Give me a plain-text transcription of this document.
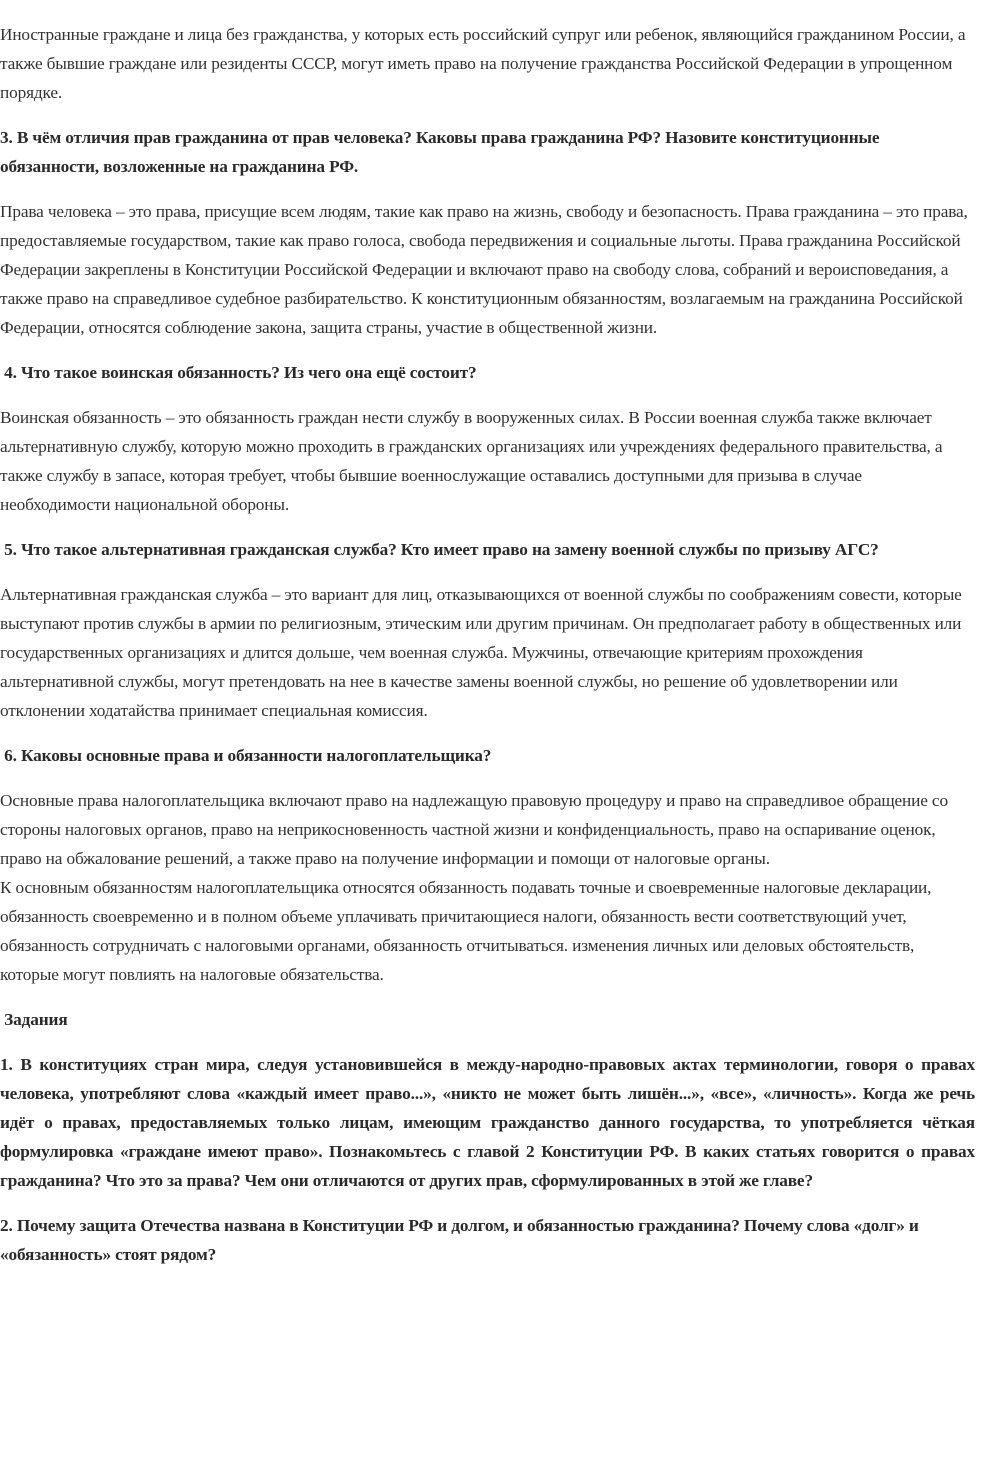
Иностранные граждане и лица без гражданства, у которых есть российский супруг или ребенок, являющийся гражданином России, а также бывшие граждане или резиденты СССР, могут иметь право на получение гражданства Российской Федерации в упрощенном порядке.

3. В чём отличия прав гражданина от прав человека? Каковы права гражданина РФ? Назовите конституционные обязанности, возложенные на гражданина РФ.

Права человека – это права, присущие всем людям, такие как право на жизнь, свободу и безопасность. Права гражданина – это права, предоставляемые государством, такие как право голоса, свобода передвижения и социальные льготы. Права гражданина Российской Федерации закреплены в Конституции Российской Федерации и включают право на свободу слова, собраний и вероисповедания, а также право на справедливое судебное разбирательство. К конституционным обязанностям, возлагаемым на гражданина Российской Федерации, относятся соблюдение закона, защита страны, участие в общественной жизни.

4. Что такое воинская обязанность? Из чего она ещё состоит?

Воинская обязанность – это обязанность граждан нести службу в вооруженных силах. В России военная служба также включает альтернативную службу, которую можно проходить в гражданских организациях или учреждениях федерального правительства, а также службу в запасе, которая требует, чтобы бывшие военнослужащие оставались доступными для призыва в случае необходимости национальной обороны.

5. Что такое альтернативная гражданская служба? Кто имеет право на замену военной службы по призыву АГС?

Альтернативная гражданская служба – это вариант для лиц, отказывающихся от военной службы по соображениям совести, которые выступают против службы в армии по религиозным, этическим или другим причинам. Он предполагает работу в общественных или государственных организациях и длится дольше, чем военная служба. Мужчины, отвечающие критериям прохождения альтернативной службы, могут претендовать на нее в качестве замены военной службы, но решение об удовлетворении или отклонении ходатайства принимает специальная комиссия.

6. Каковы основные права и обязанности налогоплательщика?

Основные права налогоплательщика включают право на надлежащую правовую процедуру и право на справедливое обращение со стороны налоговых органов, право на неприкосновенность частной жизни и конфиденциальность, право на оспаривание оценок, право на обжалование решений, а также право на получение информации и помощи от налоговые органы.

К основным обязанностям налогоплательщика относятся обязанность подавать точные и своевременные налоговые декларации, обязанность своевременно и в полном объеме уплачивать причитающиеся налоги, обязанность вести соответствующий учет, обязанность сотрудничать с налоговыми органами, обязанность отчитываться. изменения личных или деловых обстоятельств, которые могут повлиять на налоговые обязательства.

Задания
1. В конституциях стран мира, следуя установившейся в между-народно-правовых актах терминологии, говоря о правах человека, употребляют слова «каждый имеет право...», «никто не может быть лишён...», «все», «личность». Когда же речь идёт о правах, предоставляемых только лицам, имеющим гражданство данного государства, то употребляется чёткая формулировка «граждане имеют право». Познакомьтесь с главой 2 Конституции РФ. В каких статьях говорится о правах гражданина? Что это за права? Чем они отличаются от других прав, сформулированных в этой же главе?
2. Почему защита Отечества названа в Конституции РФ и долгом, и обязанностью гражданина? Почему слова «долг» и «обязанность» стоят рядом?
